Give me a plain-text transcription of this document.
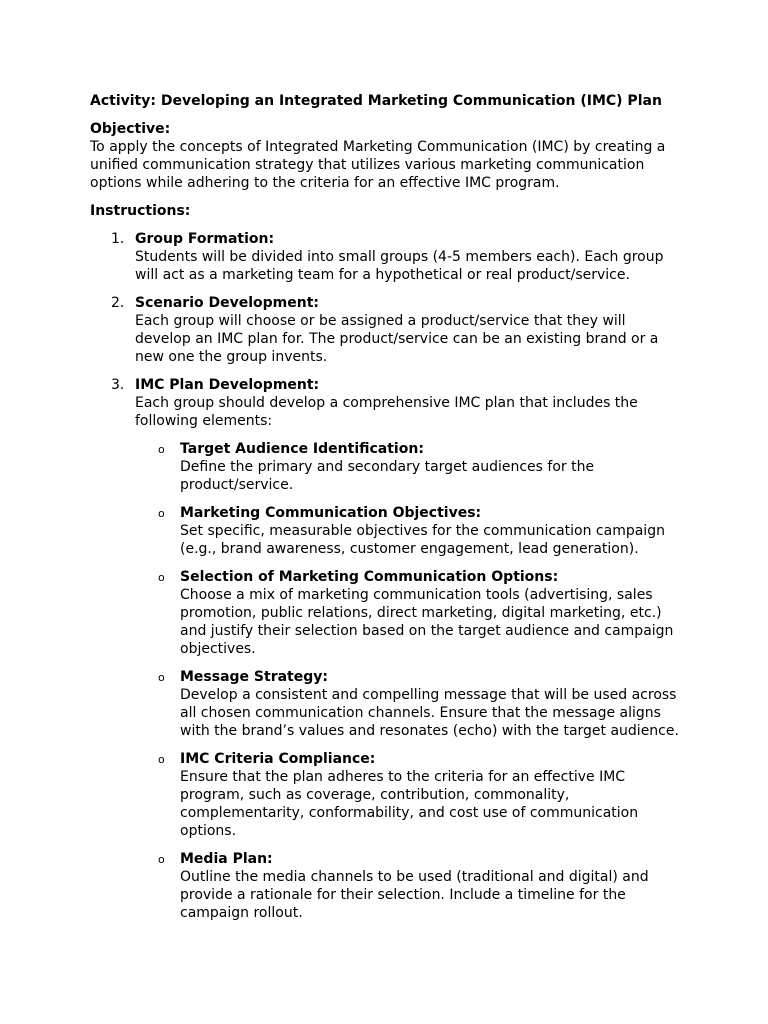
Activity: Developing an Integrated Marketing Communication (IMC) Plan

Objective:

To apply the concepts of Integrated Marketing Communication (IMC) by creating a unified communication strategy that utilizes various marketing communication options while adhering to the criteria for an effective IMC program.

Instructions:

1. Group Formation:
Students will be divided into small groups (4-5 members each). Each group will act as a marketing team for a hypothetical or real product/service.
2. Scenario Development:
Each group will choose or be assigned a product/service that they will develop an IMC plan for. The product/service can be an existing brand or a new one the group invents.
3. IMC Plan Development:
Each group should develop a comprehensive IMC plan that includes the following elements:
o Target Audience Identification:
Define the primary and secondary target audiences for the product/service.
o Marketing Communication Objectives:
Set specific, measurable objectives for the communication campaign (e.g., brand awareness, customer engagement, lead generation).
o Selection of Marketing Communication Options:
Choose a mix of marketing communication tools (advertising, sales promotion, public relations, direct marketing, digital marketing, etc.) and justify their selection based on the target audience and campaign objectives.
o Message Strategy:
Develop a consistent and compelling message that will be used across all chosen communication channels. Ensure that the message aligns with the brand’s values and resonates (echo) with the target audience.
o IMC Criteria Compliance:
Ensure that the plan adheres to the criteria for an effective IMC program, such as coverage, contribution, commonality, complementarity, conformability, and cost use of communication options.
o Media Plan:
Outline the media channels to be used (traditional and digital) and provide a rationale for their selection. Include a timeline for the campaign rollout.
